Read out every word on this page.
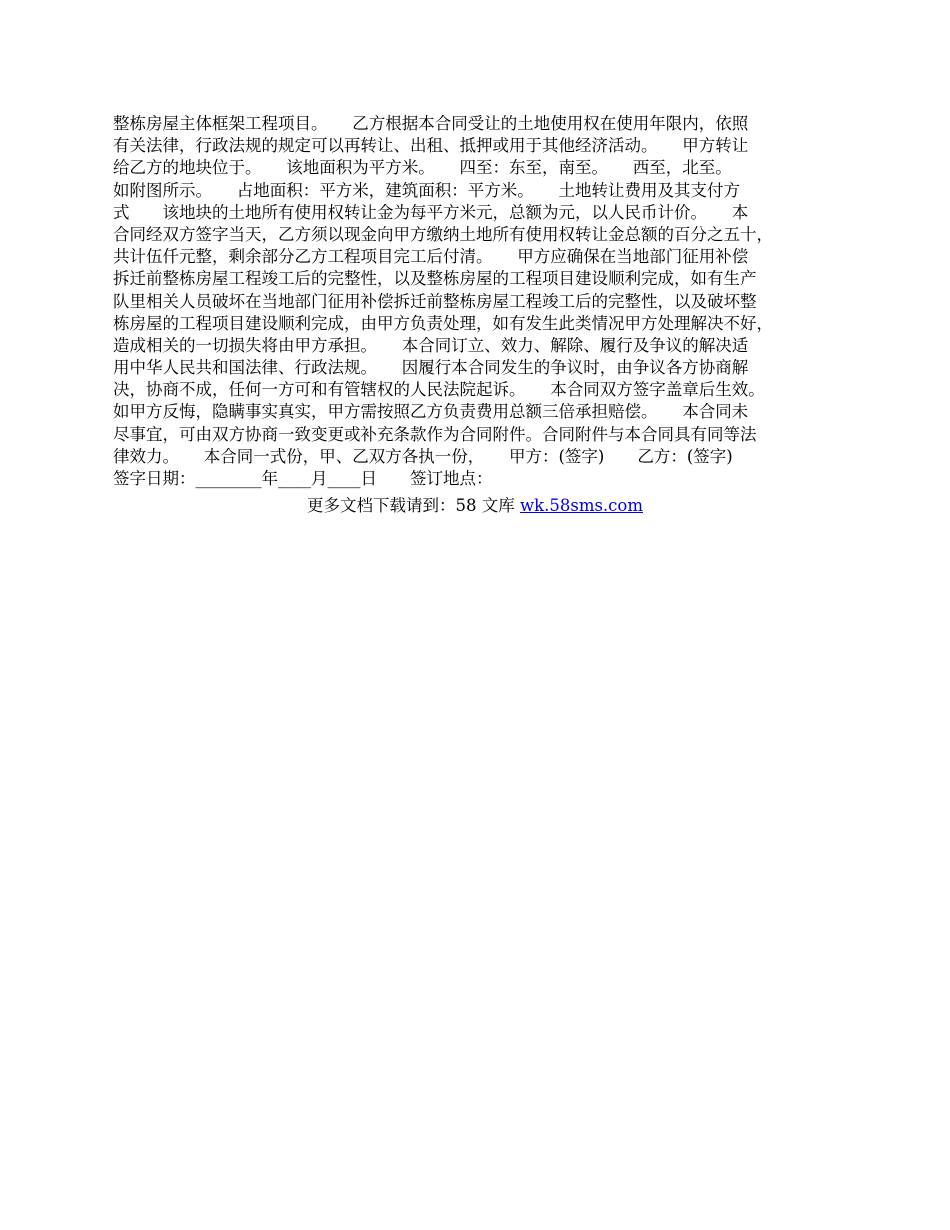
整栋房屋主体框架工程项目。　　乙方根据本合同受让的土地使用权在使用年限内，依照
有关法律，行政法规的规定可以再转让、出租、抵押或用于其他经济活动。　　甲方转让
给乙方的地块位于。　　该地面积为平方米。　　四至：东至，南至。　　西至，北至。
如附图所示。　　占地面积：平方米，建筑面积：平方米。　　土地转让费用及其支付方
式　　该地块的土地所有使用权转让金为每平方米元，总额为元，以人民币计价。　　本
合同经双方签字当天，乙方须以现金向甲方缴纳土地所有使用权转让金总额的百分之五十，
共计伍仟元整，剩余部分乙方工程项目完工后付清。　　甲方应确保在当地部门征用补偿
拆迁前整栋房屋工程竣工后的完整性，以及整栋房屋的工程项目建设顺利完成，如有生产
队里相关人员破坏在当地部门征用补偿拆迁前整栋房屋工程竣工后的完整性，以及破坏整
栋房屋的工程项目建设顺利完成，由甲方负责处理，如有发生此类情况甲方处理解决不好，
造成相关的一切损失将由甲方承担。　　本合同订立、效力、解除、履行及争议的解决适
用中华人民共和国法律、行政法规。　　因履行本合同发生的争议时，由争议各方协商解
决，协商不成，任何一方可和有管辖权的人民法院起诉。　　本合同双方签字盖章后生效。
如甲方反悔，隐瞒事实真实，甲方需按照乙方负责费用总额三倍承担赔偿。　　本合同未
尽事宜，可由双方协商一致变更或补充条款作为合同附件。合同附件与本合同具有同等法
律效力。　　本合同一式份，甲、乙双方各执一份，　　甲方：(签字)　　乙方：(签字)
签字日期：________年____月____日　　签订地点：
更多文档下载请到：58 文库 wk.58sms.com
